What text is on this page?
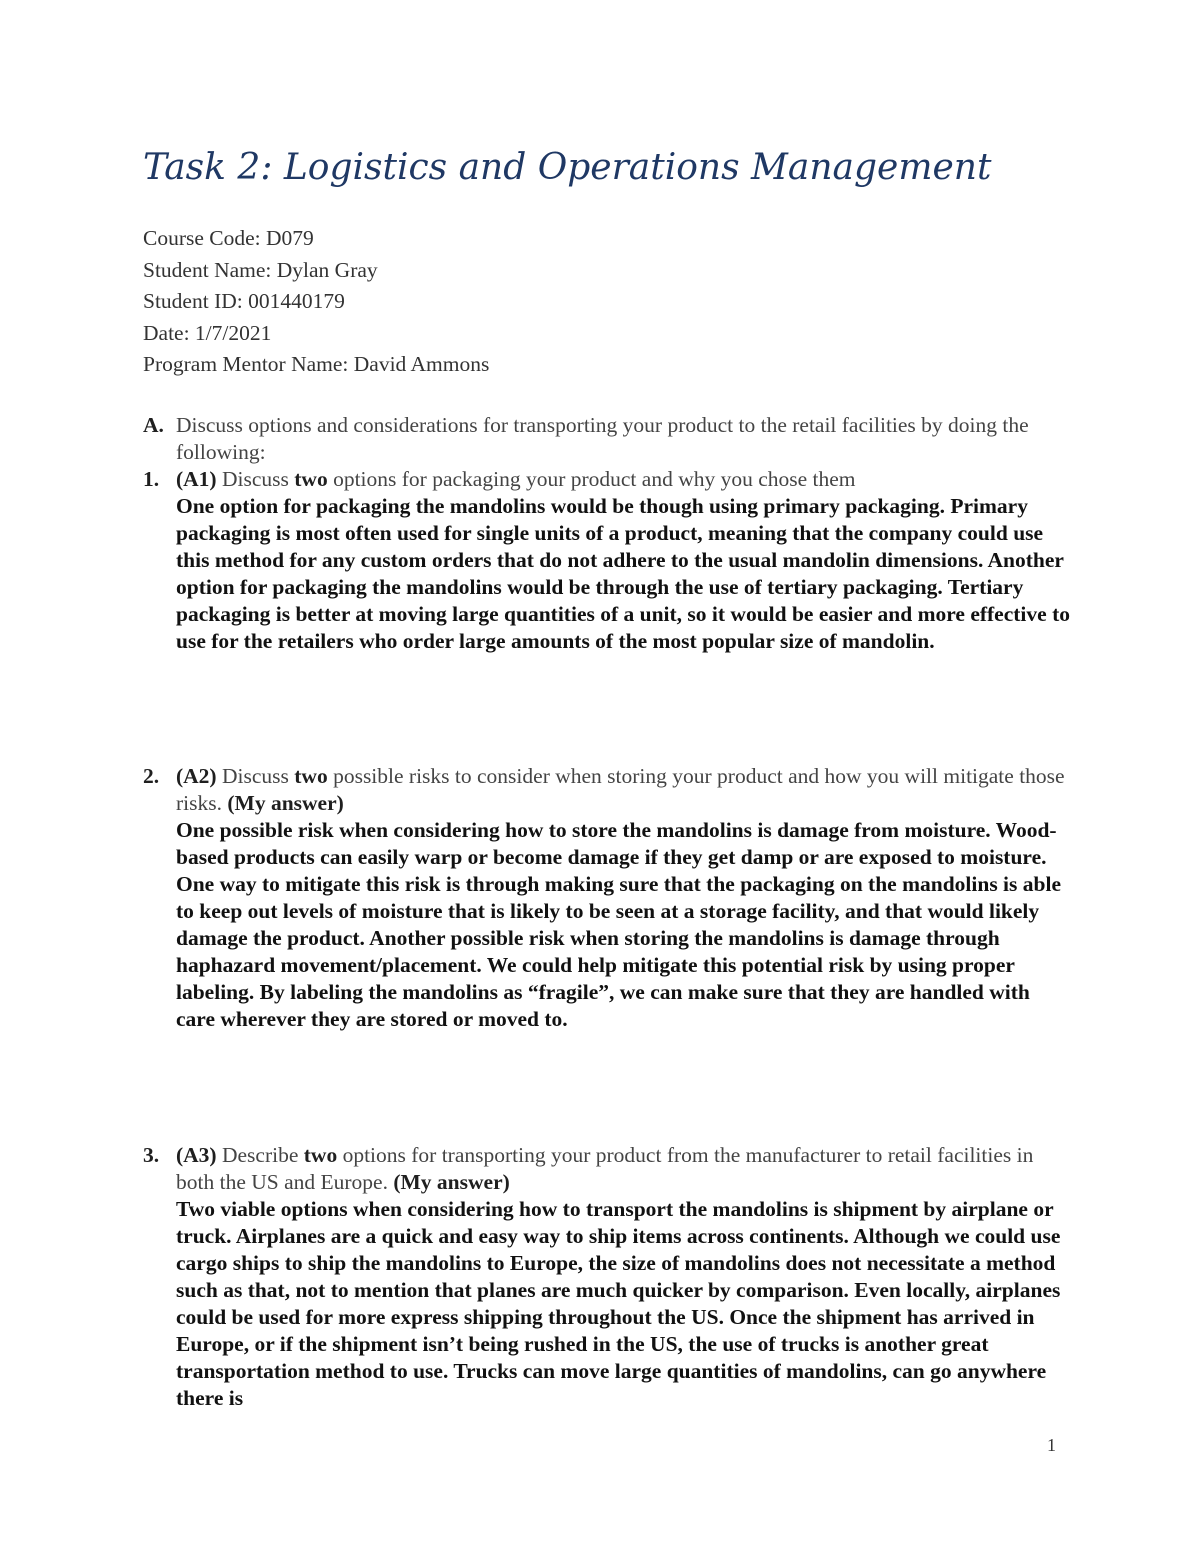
Task 2: Logistics and Operations Management
Course Code: D079
Student Name: Dylan Gray
Student ID: 001440179
Date: 1/7/2021
Program Mentor Name: David Ammons
A. Discuss options and considerations for transporting your product to the retail facilities by doing the following:
1. (A1) Discuss two options for packaging your product and why you chose them
One option for packaging the mandolins would be though using primary packaging. Primary packaging is most often used for single units of a product, meaning that the company could use this method for any custom orders that do not adhere to the usual mandolin dimensions. Another option for packaging the mandolins would be through the use of tertiary packaging. Tertiary packaging is better at moving large quantities of a unit, so it would be easier and more effective to use for the retailers who order large amounts of the most popular size of mandolin.
2. (A2) Discuss two possible risks to consider when storing your product and how you will mitigate those risks. (My answer)
One possible risk when considering how to store the mandolins is damage from moisture. Wood-based products can easily warp or become damage if they get damp or are exposed to moisture. One way to mitigate this risk is through making sure that the packaging on the mandolins is able to keep out levels of moisture that is likely to be seen at a storage facility, and that would likely damage the product. Another possible risk when storing the mandolins is damage through haphazard movement/placement. We could help mitigate this potential risk by using proper labeling. By labeling the mandolins as “fragile”, we can make sure that they are handled with care wherever they are stored or moved to.
3. (A3) Describe two options for transporting your product from the manufacturer to retail facilities in both the US and Europe. (My answer)
Two viable options when considering how to transport the mandolins is shipment by airplane or truck. Airplanes are a quick and easy way to ship items across continents. Although we could use cargo ships to ship the mandolins to Europe, the size of mandolins does not necessitate a method such as that, not to mention that planes are much quicker by comparison. Even locally, airplanes could be used for more express shipping throughout the US. Once the shipment has arrived in Europe, or if the shipment isn’t being rushed in the US, the use of trucks is another great transportation method to use. Trucks can move large quantities of mandolins, can go anywhere there is
1
